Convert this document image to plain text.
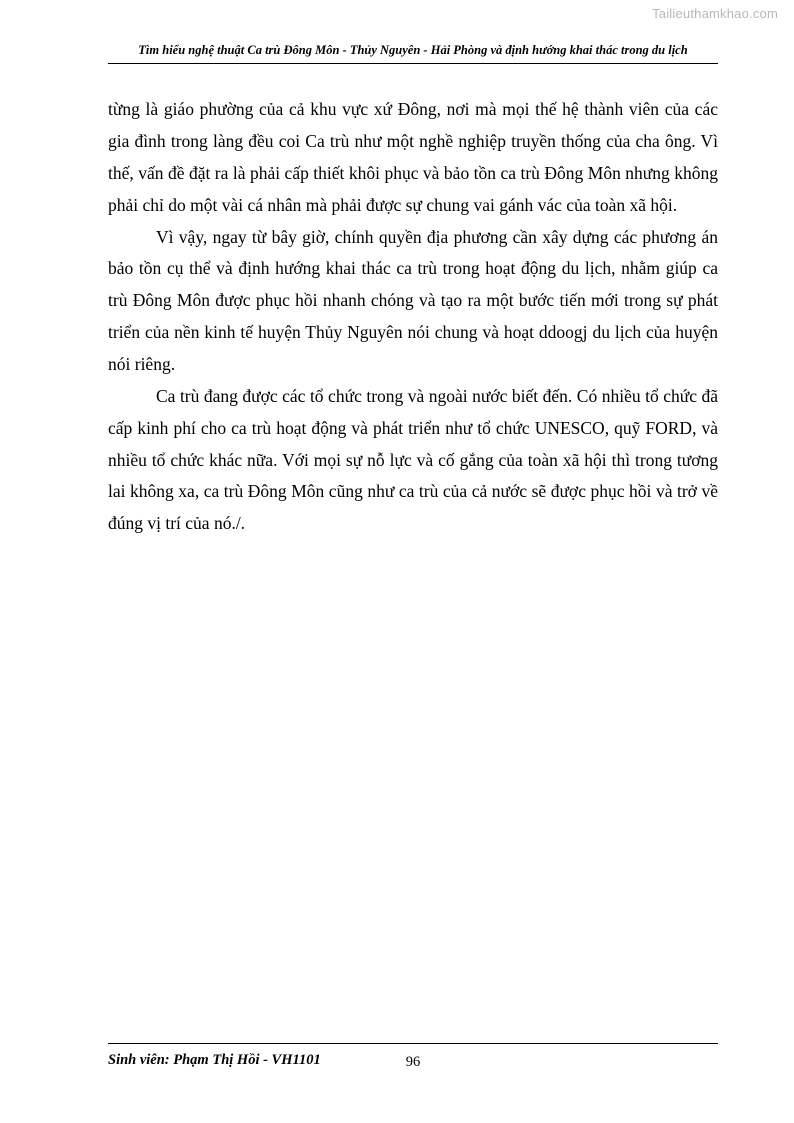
Tailieuthamkhao.com
Tìm hiểu nghệ thuật Ca trù Đông Môn - Thủy Nguyên - Hải Phòng và định hướng khai thác trong du lịch

từng là giáo phường của cả khu vực xứ Đông, nơi mà mọi thế hệ thành viên của các gia đình trong làng đều coi Ca trù như một nghề nghiệp truyền thống của cha ông. Vì thế, vấn đề đặt ra là phải cấp thiết khôi phục và bảo tồn ca trù Đông Môn nhưng không phải chỉ do một vài cá nhân mà phải được sự chung vai gánh vác của toàn xã hội.

Vì vậy, ngay từ bây giờ, chính quyền địa phương cần xây dựng các phương án bảo tồn cụ thể và định hướng khai thác ca trù trong hoạt động du lịch, nhằm giúp ca trù Đông Môn được phục hồi nhanh chóng và tạo ra một bước tiến mới trong sự phát triển của nền kinh tế huyện Thủy Nguyên nói chung và hoạt ddoogj du lịch của huyện nói riêng.

Ca trù đang được các tổ chức trong và ngoài nước biết đến. Có nhiều tổ chức đã cấp kinh phí cho ca trù hoạt động và phát triển như tổ chức UNESCO, quỹ FORD, và nhiều tổ chức khác nữa. Với mọi sự nỗ lực và cố gắng của toàn xã hội thì trong tương lai không xa, ca trù Đông Môn cũng như ca trù của cả nước sẽ được phục hồi và trở về đúng vị trí của nó./.

Sinh viên: Phạm Thị Hồi - VH1101	96
